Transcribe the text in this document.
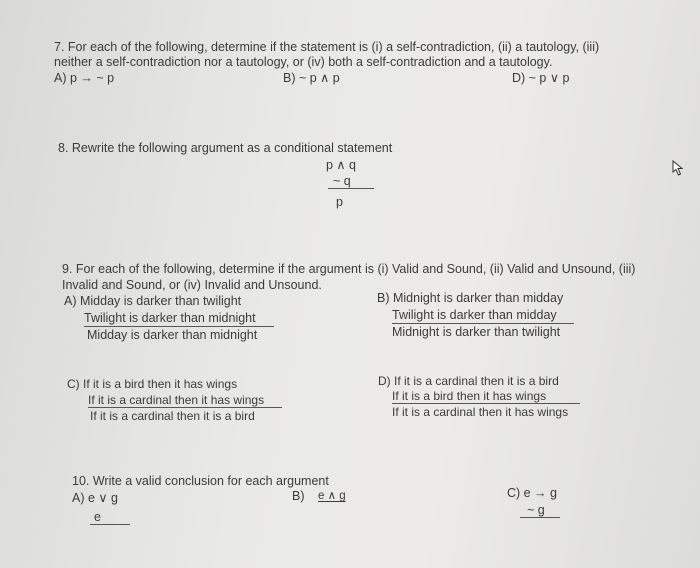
7. For each of the following, determine if the statement is (i) a self-contradiction, (ii) a tautology, (iii)
neither a self-contradiction nor a tautology, or (iv) both a self-contradiction and a tautology.
A) p → ~ p	B) ~ p ∧ p	D) ~ p ∨ p
8. Rewrite the following argument as a conditional statement
p ∧ q
~ q
p
9. For each of the following, determine if the argument is (i) Valid and Sound, (ii) Valid and Unsound, (iii)
Invalid and Sound, or (iv) Invalid and Unsound.
A) Midday is darker than twilight
Twilight is darker than midnight
Midday is darker than midnight
B) Midnight is darker than midday
Twilight is darker than midday
Midnight is darker than twilight
C) If it is a bird then it has wings
If it is a cardinal then it has wings
If it is a cardinal then it is a bird
D) If it is a cardinal then it is a bird
If it is a bird then it has wings
If it is a cardinal then it has wings
10. Write a valid conclusion for each argument
A) e ∨ g
e
B) e ∧ g	C) e → g
~ g
